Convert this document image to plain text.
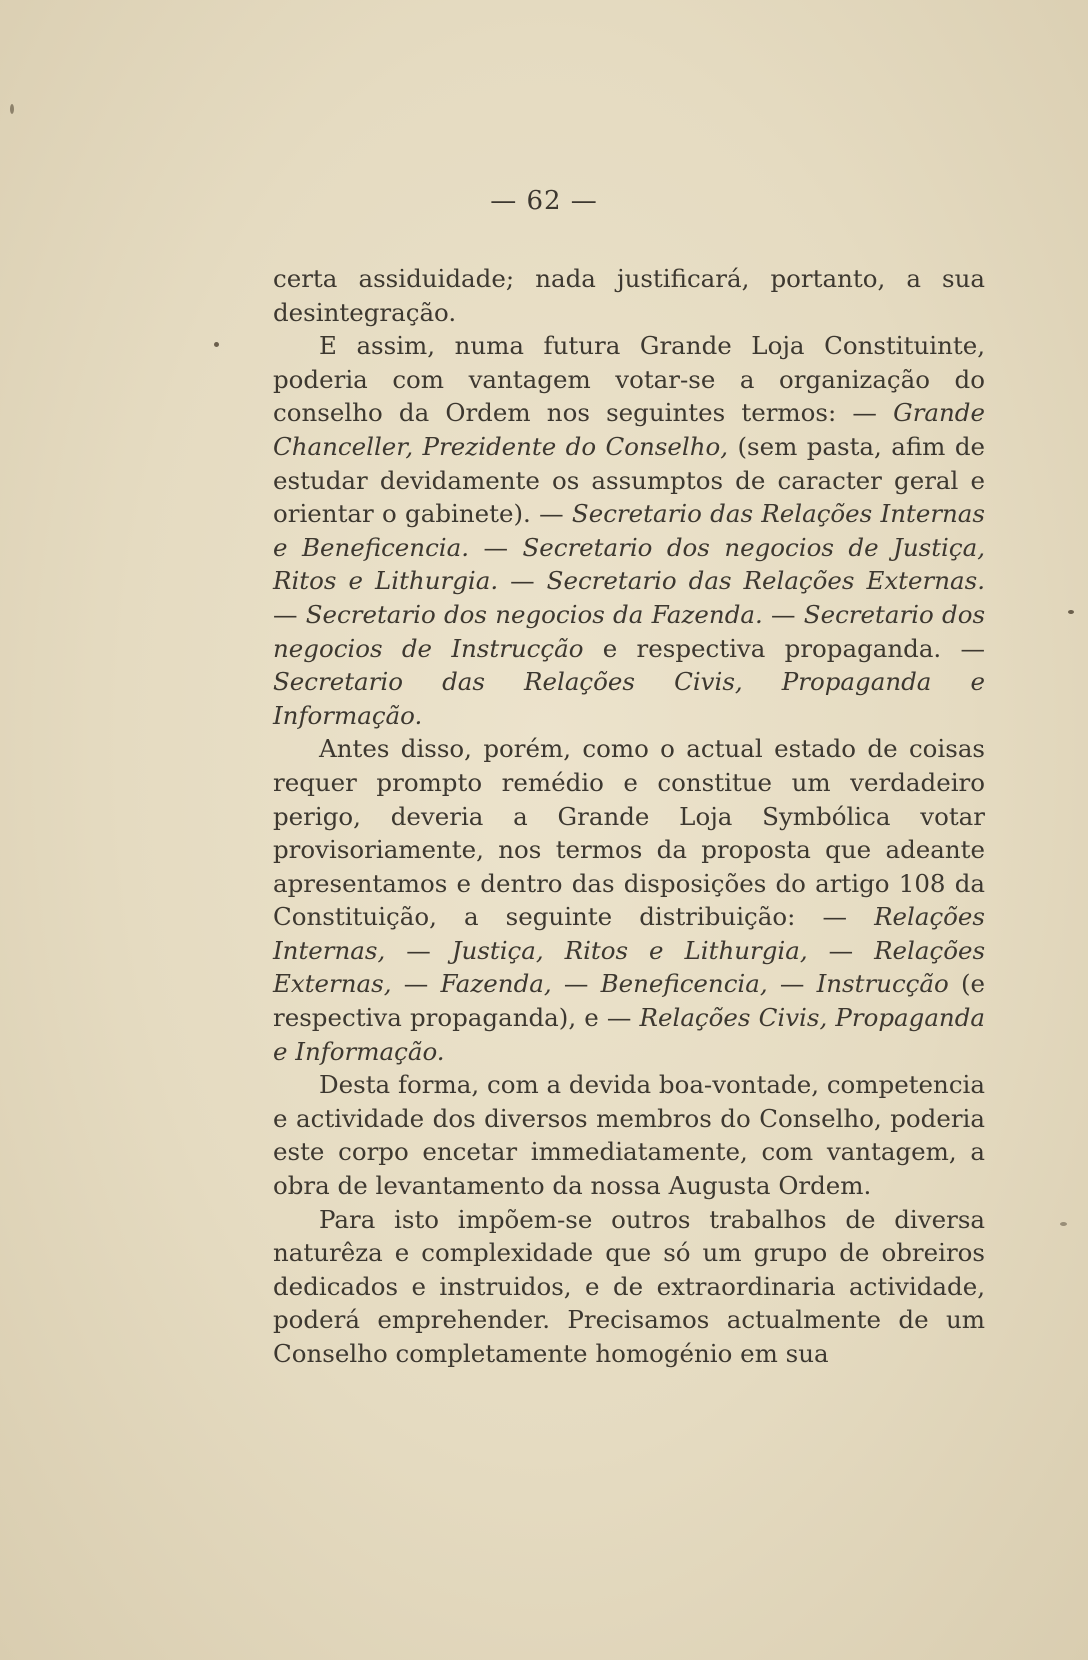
— 62 —

certa assiduidade; nada justificará, portanto, a sua desintegração.

E assim, numa futura Grande Loja Constituinte, poderia com vantagem votar-se a organização do conselho da Ordem nos seguintes termos: — Grande Chanceller, Prezidente do Conselho, (sem pasta, afim de estudar devidamente os assumptos de caracter geral e orientar o gabinete). — Secretario das Relações Internas e Beneficencia. — Secretario dos negocios de Justiça, Ritos e Lithurgia. — Secretario das Relações Externas. — Secretario dos negocios da Fazenda. — Secretario dos negocios de Instrucção e respectiva propaganda. — Secretario das Relações Civis, Propaganda e Informação.

Antes disso, porém, como o actual estado de coisas requer prompto remédio e constitue um verdadeiro perigo, deveria a Grande Loja Symbólica votar provisoriamente, nos termos da proposta que adeante apresentamos e dentro das disposições do artigo 108 da Constituição, a seguinte distribuição: — Relações Internas, — Justiça, Ritos e Lithurgia, — Relações Externas, — Fazenda, — Beneficencia, — Instrucção (e respectiva propaganda), e — Relações Civis, Propaganda e Informação.

Desta forma, com a devida boa-vontade, competencia e actividade dos diversos membros do Conselho, poderia este corpo encetar immediatamente, com vantagem, a obra de levantamento da nossa Augusta Ordem.

Para isto impõem-se outros trabalhos de diversa naturêza e complexidade que só um grupo de obreiros dedicados e instruidos, e de extraordinaria actividade, poderá emprehender. Precisamos actualmente de um Conselho completamente homogénio em sua
